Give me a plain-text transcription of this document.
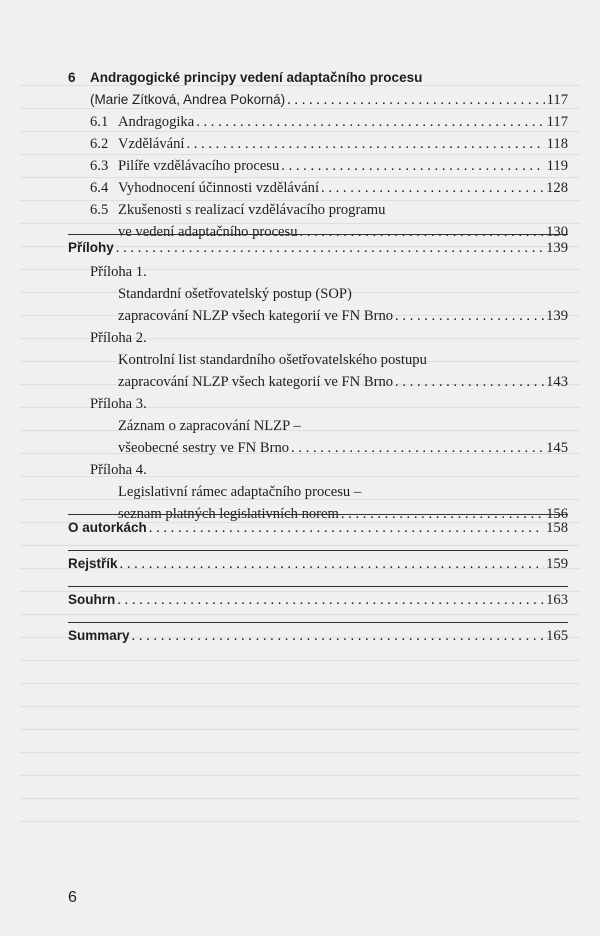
6	Andragogické principy vedení adaptačního procesu
(Marie Zítková, Andrea Pokorná) . . .	117
6.1 Andragogika . . .	117
6.2 Vzdělávání . . .	118
6.3 Pilíře vzdělávacího procesu . . .	119
6.4 Vyhodnocení účinnosti vzdělávání . . .	128
6.5 Zkušenosti s realizací vzdělávacího programu
ve vedení adaptačního procesu . . .	130
Přílohy . . .	139
Příloha 1.
Standardní ošetřovatelský postup (SOP)
zapracování NLZP všech kategorií ve FN Brno . . .	139
Příloha 2.
Kontrolní list standardního ošetřovatelského postupu
zapracování NLZP všech kategorií ve FN Brno . . .	143
Příloha 3.
Záznam o zapracování NLZP –
všeobecné sestry ve FN Brno . . .	145
Příloha 4.
Legislativní rámec adaptačního procesu –
seznam platných legislativních norem . . .	156
O autorkách . . .	158
Rejstřík . . .	159
Souhrn . . .	163
Summary . . .	165
6
